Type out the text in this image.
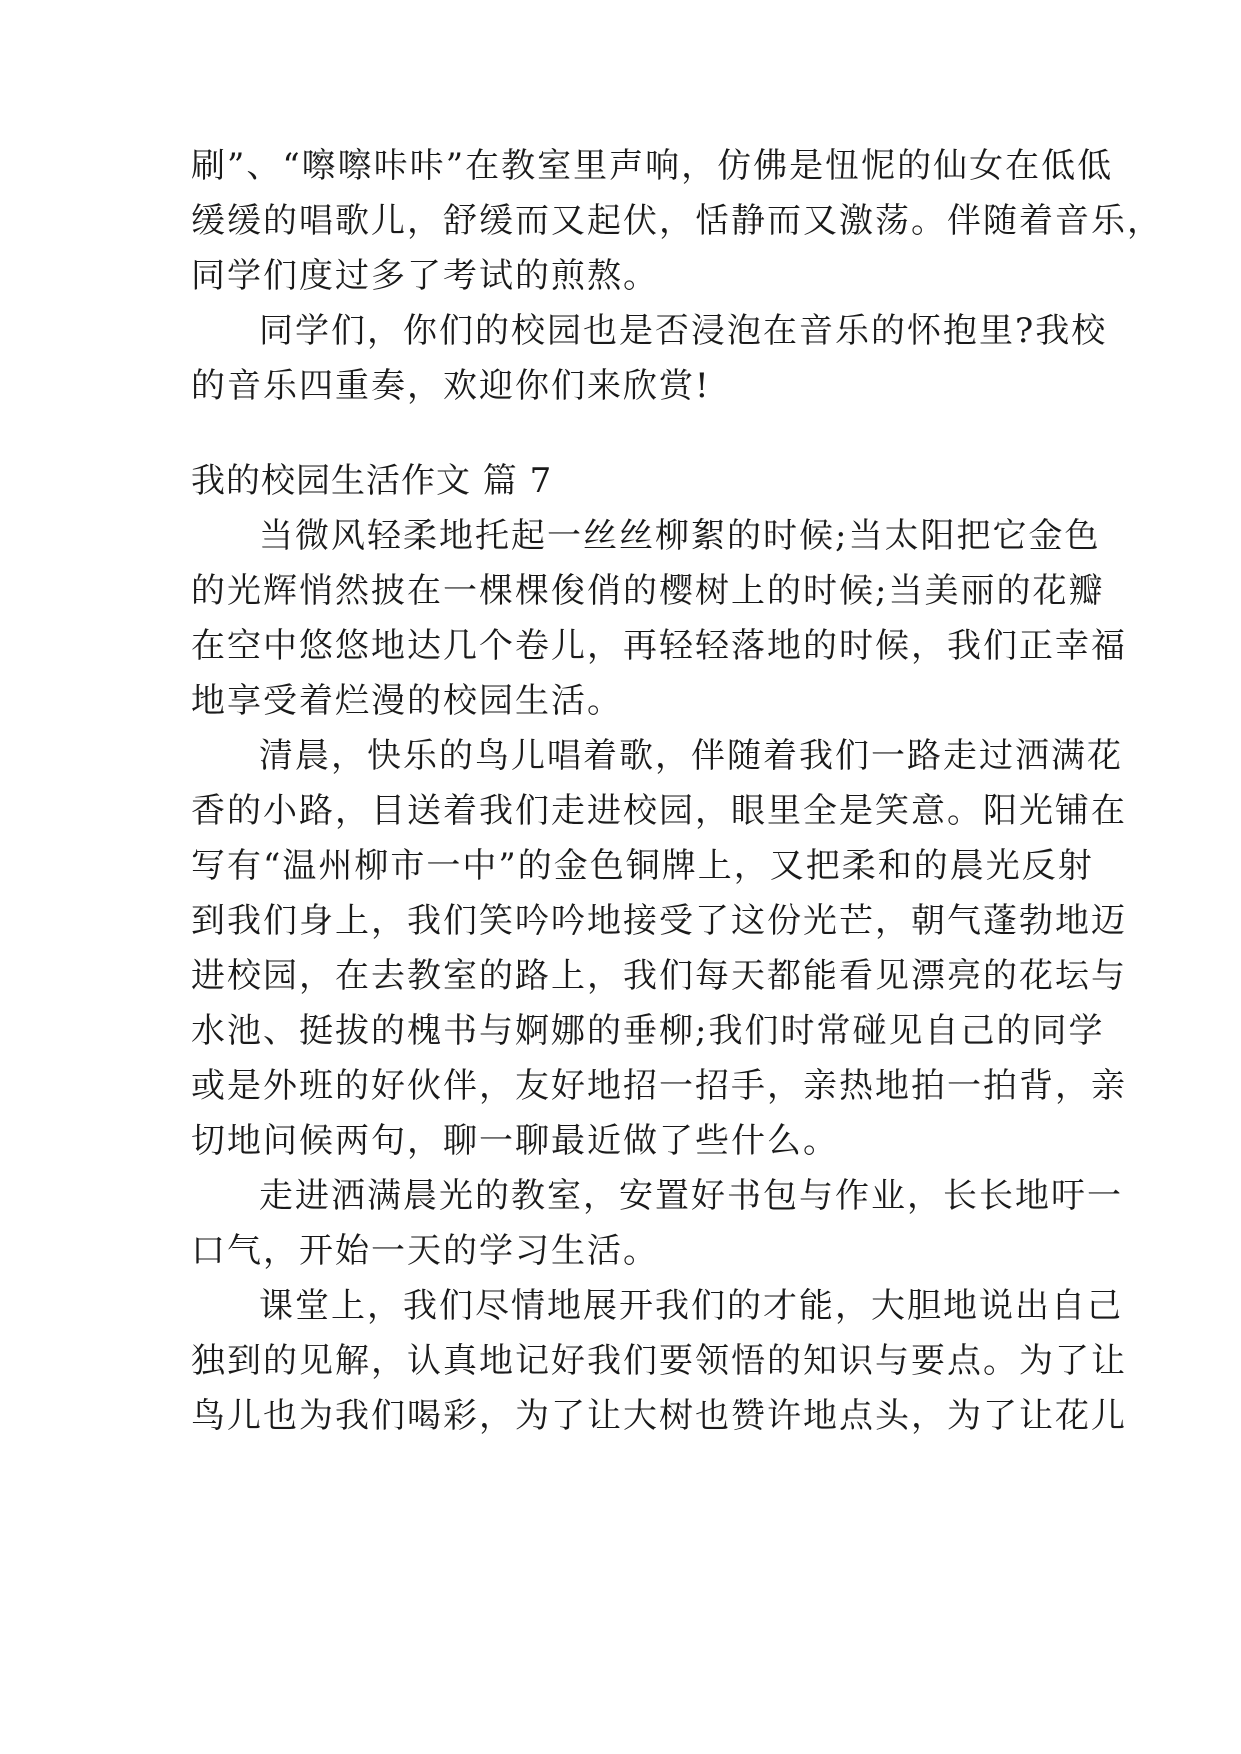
刷”、“嚓嚓咔咔”在教室里声响，仿佛是忸怩的仙女在低低
缓缓的唱歌儿，舒缓而又起伏，恬静而又激荡。伴随着音乐，
同学们度过多了考试的煎熬。
同学们，你们的校园也是否浸泡在音乐的怀抱里?我校
的音乐四重奏，欢迎你们来欣赏!
我的校园生活作文 篇 7
当微风轻柔地托起一丝丝柳絮的时候;当太阳把它金色
的光辉悄然披在一棵棵俊俏的樱树上的时候;当美丽的花瓣
在空中悠悠地达几个卷儿，再轻轻落地的时候，我们正幸福
地享受着烂漫的校园生活。
清晨，快乐的鸟儿唱着歌，伴随着我们一路走过洒满花
香的小路，目送着我们走进校园，眼里全是笑意。阳光铺在
写有“温州柳市一中”的金色铜牌上，又把柔和的晨光反射
到我们身上，我们笑吟吟地接受了这份光芒，朝气蓬勃地迈
进校园，在去教室的路上，我们每天都能看见漂亮的花坛与
水池、挺拔的槐书与婀娜的垂柳;我们时常碰见自己的同学
或是外班的好伙伴，友好地招一招手，亲热地拍一拍背，亲
切地问候两句，聊一聊最近做了些什么。
走进洒满晨光的教室，安置好书包与作业，长长地吁一
口气，开始一天的学习生活。
课堂上，我们尽情地展开我们的才能，大胆地说出自己
独到的见解，认真地记好我们要领悟的知识与要点。为了让
鸟儿也为我们喝彩，为了让大树也赞许地点头，为了让花儿
